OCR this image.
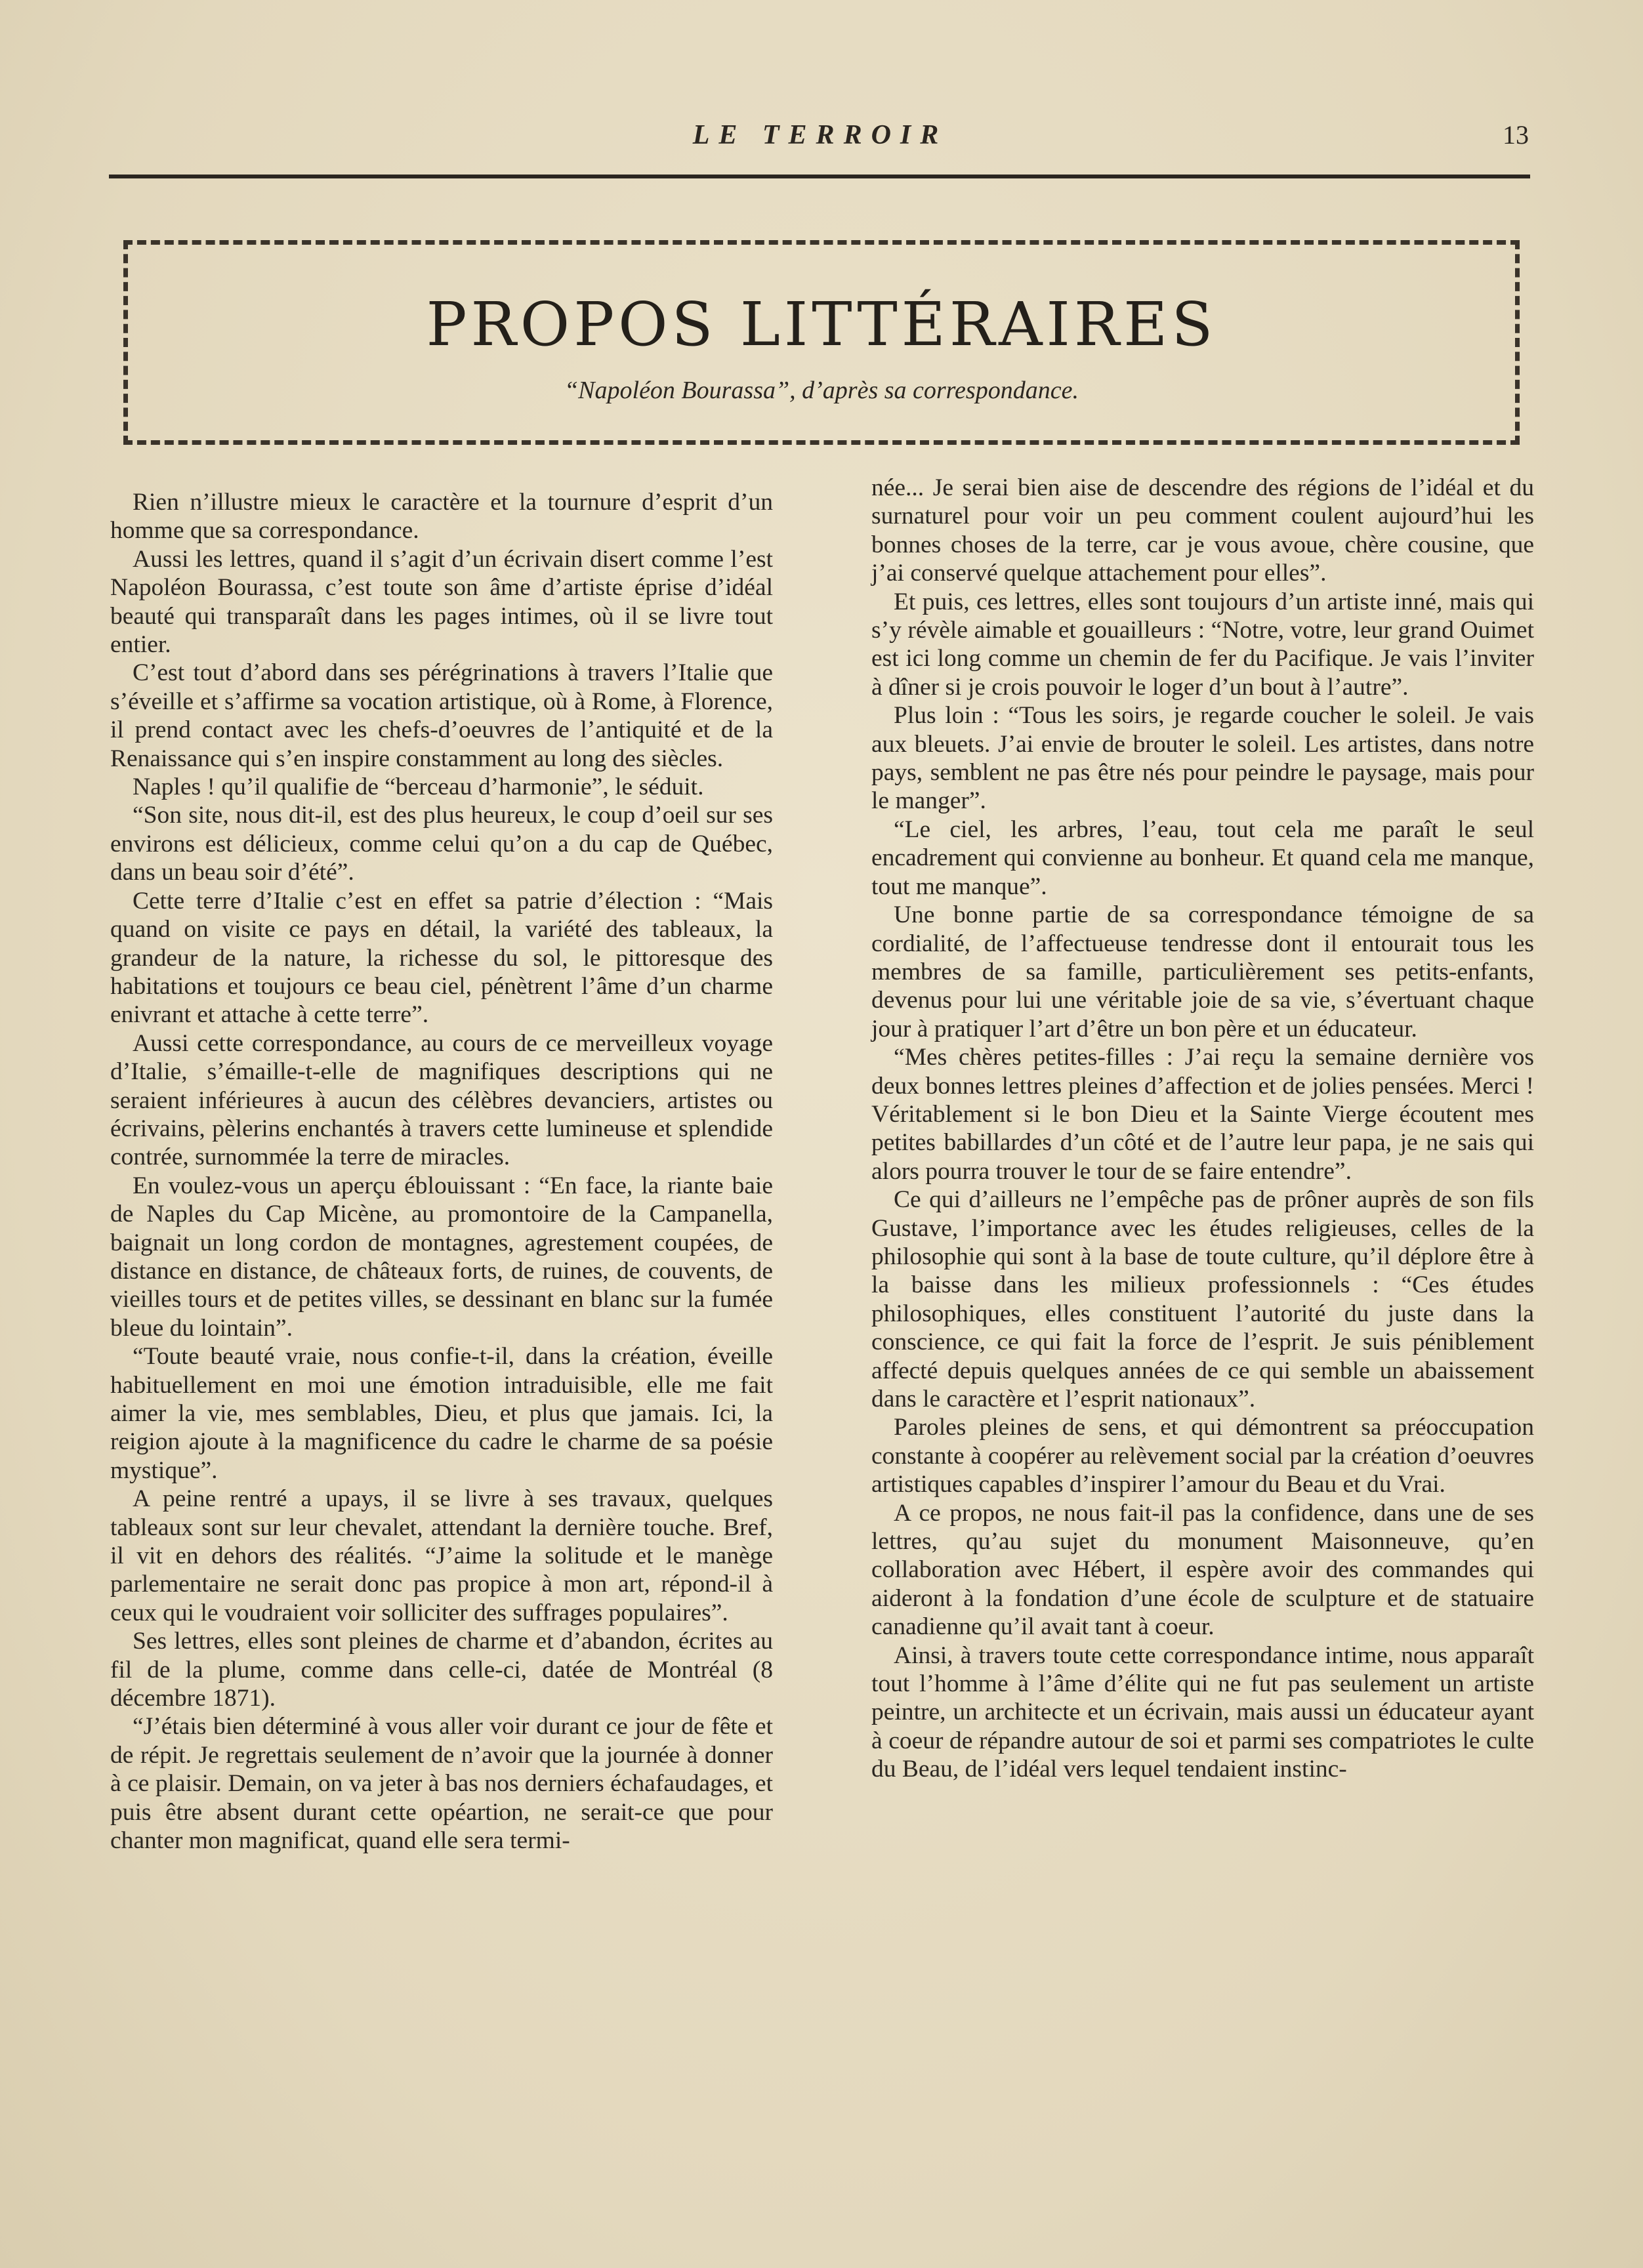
LE TERROIR	13
PROPOS LITTÉRAIRES
“Napoléon Bourassa”, d’après sa correspondance.

Rien n’illustre mieux le caractère et la tournure d’esprit d’un homme que sa correspondance.

Aussi les lettres, quand il s’agit d’un écrivain disert comme l’est Napoléon Bourassa, c’est toute son âme d’artiste éprise d’idéal beauté qui transparaît dans les pages intimes, où il se livre tout entier.

C’est tout d’abord dans ses pérégrinations à travers l’Italie que s’éveille et s’affirme sa vocation artistique, où à Rome, à Florence, il prend contact avec les chefs-d’oeuvres de l’antiquité et de la Renaissance qui s’en inspire constamment au long des siècles.

Naples ! qu’il qualifie de “berceau d’harmonie”, le séduit.

“Son site, nous dit-il, est des plus heureux, le coup d’oeil sur ses environs est délicieux, comme celui qu’on a du cap de Québec, dans un beau soir d’été”.

Cette terre d’Italie c’est en effet sa patrie d’élection : “Mais quand on visite ce pays en détail, la variété des tableaux, la grandeur de la nature, la richesse du sol, le pittoresque des habitations et toujours ce beau ciel, pénètrent l’âme d’un charme enivrant et attache à cette terre”.

Aussi cette correspondance, au cours de ce merveilleux voyage d’Italie, s’émaille-t-elle de magnifiques descriptions qui ne seraient inférieures à aucun des célèbres devanciers, artistes ou écrivains, pèlerins enchantés à travers cette lumineuse et splendide contrée, surnommée la terre de miracles.

En voulez-vous un aperçu éblouissant : “En face, la riante baie de Naples du Cap Micène, au promontoire de la Campanella, baignait un long cordon de montagnes, agrestement coupées, de distance en distance, de châteaux forts, de ruines, de couvents, de vieilles tours et de petites villes, se dessinant en blanc sur la fumée bleue du lointain”.

“Toute beauté vraie, nous confie-t-il, dans la création, éveille habituellement en moi une émotion intraduisible, elle me fait aimer la vie, mes semblables, Dieu, et plus que jamais. Ici, la reigion ajoute à la magnificence du cadre le charme de sa poésie mystique”.

A peine rentré a upays, il se livre à ses travaux, quelques tableaux sont sur leur chevalet, attendant la dernière touche. Bref, il vit en dehors des réalités. “J’aime la solitude et le manège parlementaire ne serait donc pas propice à mon art, répond-il à ceux qui le voudraient voir solliciter des suffrages populaires”.

Ses lettres, elles sont pleines de charme et d’abandon, écrites au fil de la plume, comme dans celle-ci, datée de Montréal (8 décembre 1871).

“J’étais bien déterminé à vous aller voir durant ce jour de fête et de répit. Je regrettais seulement de n’avoir que la journée à donner à ce plaisir. Demain, on va jeter à bas nos derniers échafaudages, et puis être absent durant cette opéartion, ne serait-ce que pour chanter mon magnificat, quand elle sera termi-

née... Je serai bien aise de descendre des régions de l’idéal et du surnaturel pour voir un peu comment coulent aujourd’hui les bonnes choses de la terre, car je vous avoue, chère cousine, que j’ai conservé quelque attachement pour elles”.

Et puis, ces lettres, elles sont toujours d’un artiste inné, mais qui s’y révèle aimable et gouailleurs : “Notre, votre, leur grand Ouimet est ici long comme un chemin de fer du Pacifique. Je vais l’inviter à dîner si je crois pouvoir le loger d’un bout à l’autre”.

Plus loin : “Tous les soirs, je regarde coucher le soleil. Je vais aux bleuets. J’ai envie de brouter le soleil. Les artistes, dans notre pays, semblent ne pas être nés pour peindre le paysage, mais pour le manger”.

“Le ciel, les arbres, l’eau, tout cela me paraît le seul encadrement qui convienne au bonheur. Et quand cela me manque, tout me manque”.

Une bonne partie de sa correspondance témoigne de sa cordialité, de l’affectueuse tendresse dont il entourait tous les membres de sa famille, particulièrement ses petits-enfants, devenus pour lui une véritable joie de sa vie, s’évertuant chaque jour à pratiquer l’art d’être un bon père et un éducateur.

“Mes chères petites-filles : J’ai reçu la semaine dernière vos deux bonnes lettres pleines d’affection et de jolies pensées. Merci ! Véritablement si le bon Dieu et la Sainte Vierge écoutent mes petites babillardes d’un côté et de l’autre leur papa, je ne sais qui alors pourra trouver le tour de se faire entendre”.

Ce qui d’ailleurs ne l’empêche pas de prôner auprès de son fils Gustave, l’importance avec les études religieuses, celles de la philosophie qui sont à la base de toute culture, qu’il déplore être à la baisse dans les milieux professionnels : “Ces études philosophiques, elles constituent l’autorité du juste dans la conscience, ce qui fait la force de l’esprit. Je suis péniblement affecté depuis quelques années de ce qui semble un abaissement dans le caractère et l’esprit nationaux”.

Paroles pleines de sens, et qui démontrent sa préoccupation constante à coopérer au relèvement social par la création d’oeuvres artistiques capables d’inspirer l’amour du Beau et du Vrai.

A ce propos, ne nous fait-il pas la confidence, dans une de ses lettres, qu’au sujet du monument Maisonneuve, qu’en collaboration avec Hébert, il espère avoir des commandes qui aideront à la fondation d’une école de sculpture et de statuaire canadienne qu’il avait tant à coeur.

Ainsi, à travers toute cette correspondance intime, nous apparaît tout l’homme à l’âme d’élite qui ne fut pas seulement un artiste peintre, un architecte et un écrivain, mais aussi un éducateur ayant à coeur de répandre autour de soi et parmi ses compatriotes le culte du Beau, de l’idéal vers lequel tendaient instinc-
